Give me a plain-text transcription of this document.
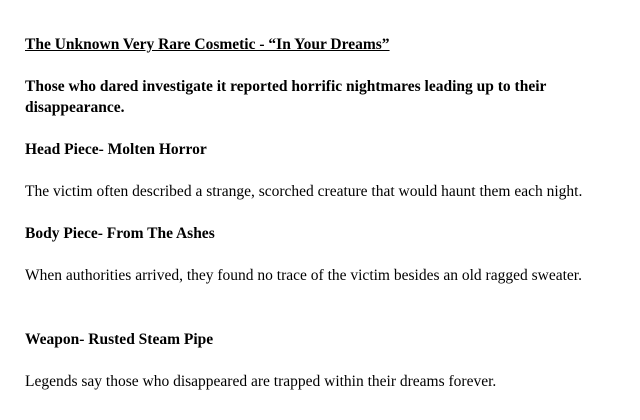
The Unknown Very Rare Cosmetic - “In Your Dreams”

Those who dared investigate it reported horrific nightmares leading up to their disappearance.

Head Piece- Molten Horror

The victim often described a strange, scorched creature that would haunt them each night.

Body Piece- From The Ashes

When authorities arrived, they found no trace of the victim besides an old ragged sweater.

Weapon- Rusted Steam Pipe

Legends say those who disappeared are trapped within their dreams forever.
